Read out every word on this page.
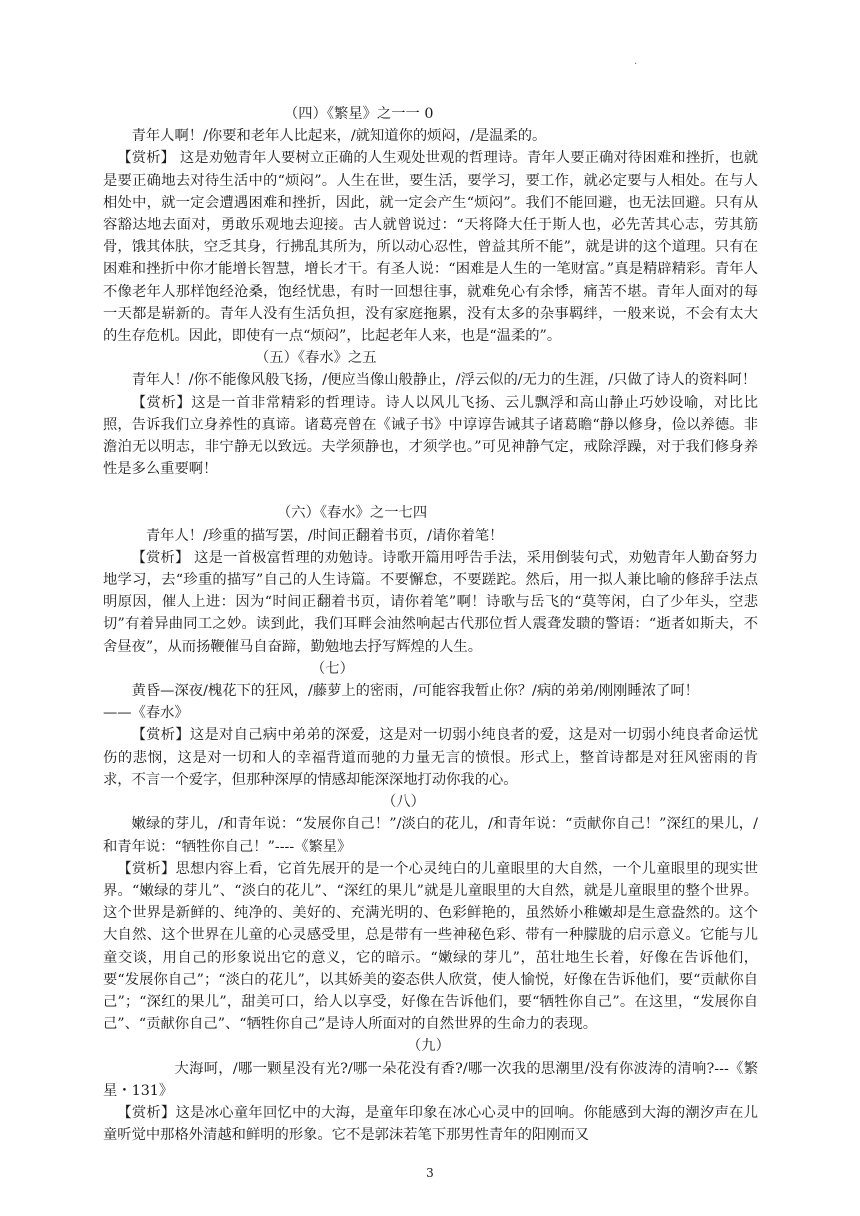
.

（四）《繁星》之一一 0

青年人啊！/你要和老年人比起来，/就知道你的烦闷，/是温柔的。

【赏析】 这是劝勉青年人要树立正确的人生观处世观的哲理诗。青年人要正确对待困难和挫折，也就是要正确地去对待生活中的“烦闷”。人生在世，要生活，要学习，要工作，就必定要与人相处。在与人相处中，就一定会遭遇困难和挫折，因此，就一定会产生“烦闷”。我们不能回避，也无法回避。只有从容豁达地去面对，勇敢乐观地去迎接。古人就曾说过：“天将降大任于斯人也，必先苦其心志，劳其筋骨，饿其体肤，空乏其身，行拂乱其所为，所以动心忍性，曾益其所不能”，就是讲的这个道理。只有在困难和挫折中你才能增长智慧，增长才干。有圣人说：“困难是人生的一笔财富。”真是精辟精彩。青年人不像老年人那样饱经沧桑，饱经忧患，有时一回想往事，就难免心有余悸，痛苦不堪。青年人面对的每一天都是崭新的。青年人没有生活负担，没有家庭拖累，没有太多的杂事羁绊，一般来说，不会有太大的生存危机。因此，即使有一点“烦闷”，比起老年人来，也是“温柔的”。

（五）《春水》之五

青年人！/你不能像风般飞扬，/便应当像山般静止，/浮云似的/无力的生涯，/只做了诗人的资料呵！

【赏析】这是一首非常精彩的哲理诗。诗人以风儿飞扬、云儿飘浮和高山静止巧妙设喻，对比比照，告诉我们立身养性的真谛。诸葛亮曾在《诫子书》中谆谆告诫其子诸葛瞻“静以修身，俭以养德。非澹泊无以明志，非宁静无以致远。夫学须静也，才须学也。”可见神静气定，戒除浮躁，对于我们修身养性是多么重要啊！

（六）《春水》之一七四

青年人！/珍重的描写罢，/时间正翻着书页，/请你着笔！

【赏析】 这是一首极富哲理的劝勉诗。诗歌开篇用呼告手法，采用倒装句式，劝勉青年人勤奋努力地学习，去“珍重的描写”自己的人生诗篇。不要懈怠，不要蹉跎。然后，用一拟人兼比喻的修辞手法点明原因，催人上进：因为“时间正翻着书页，请你着笔”啊！诗歌与岳飞的“莫等闲，白了少年头，空悲切”有着异曲同工之妙。读到此，我们耳畔会油然响起古代那位哲人震聋发聩的警语：“逝者如斯夫，不舍昼夜”，从而扬鞭催马自奋蹄，勤勉地去抒写辉煌的人生。

（七）

黄昏—深夜/槐花下的狂风，/藤萝上的密雨，/可能容我暂止你？/病的弟弟/刚刚睡浓了呵！

——《春水》

【赏析】这是对自己病中弟弟的深爱，这是对一切弱小纯良者的爱，这是对一切弱小纯良者命运忧伤的悲悯，这是对一切和人的幸福背道而驰的力量无言的愤恨。形式上，整首诗都是对狂风密雨的肯求，不言一个爱字，但那种深厚的情感却能深深地打动你我的心。

（八）

嫩绿的芽儿，/和青年说：“发展你自己！”/淡白的花儿，/和青年说：“贡献你自己！”深红的果儿，/和青年说：“牺牲你自己！”----《繁星》

【赏析】思想内容上看，它首先展开的是一个心灵纯白的儿童眼里的大自然，一个儿童眼里的现实世界。“嫩绿的芽儿”、“淡白的花儿”、“深红的果儿”就是儿童眼里的大自然，就是儿童眼里的整个世界。这个世界是新鲜的、纯净的、美好的、充满光明的、色彩鲜艳的，虽然娇小稚嫩却是生意盎然的。这个大自然、这个世界在儿童的心灵感受里，总是带有一些神秘色彩、带有一种朦胧的启示意义。它能与儿童交谈，用自己的形象说出它的意义，它的暗示。“嫩绿的芽儿”，茁壮地生长着，好像在告诉他们，要“发展你自己”；“淡白的花儿”，以其娇美的姿态供人欣赏，使人愉悦，好像在告诉他们，要“贡献你自己”；“深红的果儿”，甜美可口，给人以享受，好像在告诉他们，要“牺牲你自己”。在这里，“发展你自己”、“贡献你自己”、“牺牲你自己”是诗人所面对的自然世界的生命力的表现。

（九）

大海呵，/哪一颗星没有光?/哪一朵花没有香?/哪一次我的思潮里/没有你波涛的清响?---《繁星・131》

【赏析】这是冰心童年回忆中的大海，是童年印象在冰心心灵中的回响。你能感到大海的潮汐声在儿童听觉中那格外清越和鲜明的形象。它不是郭沫若笔下那男性青年的阳刚而又

3
